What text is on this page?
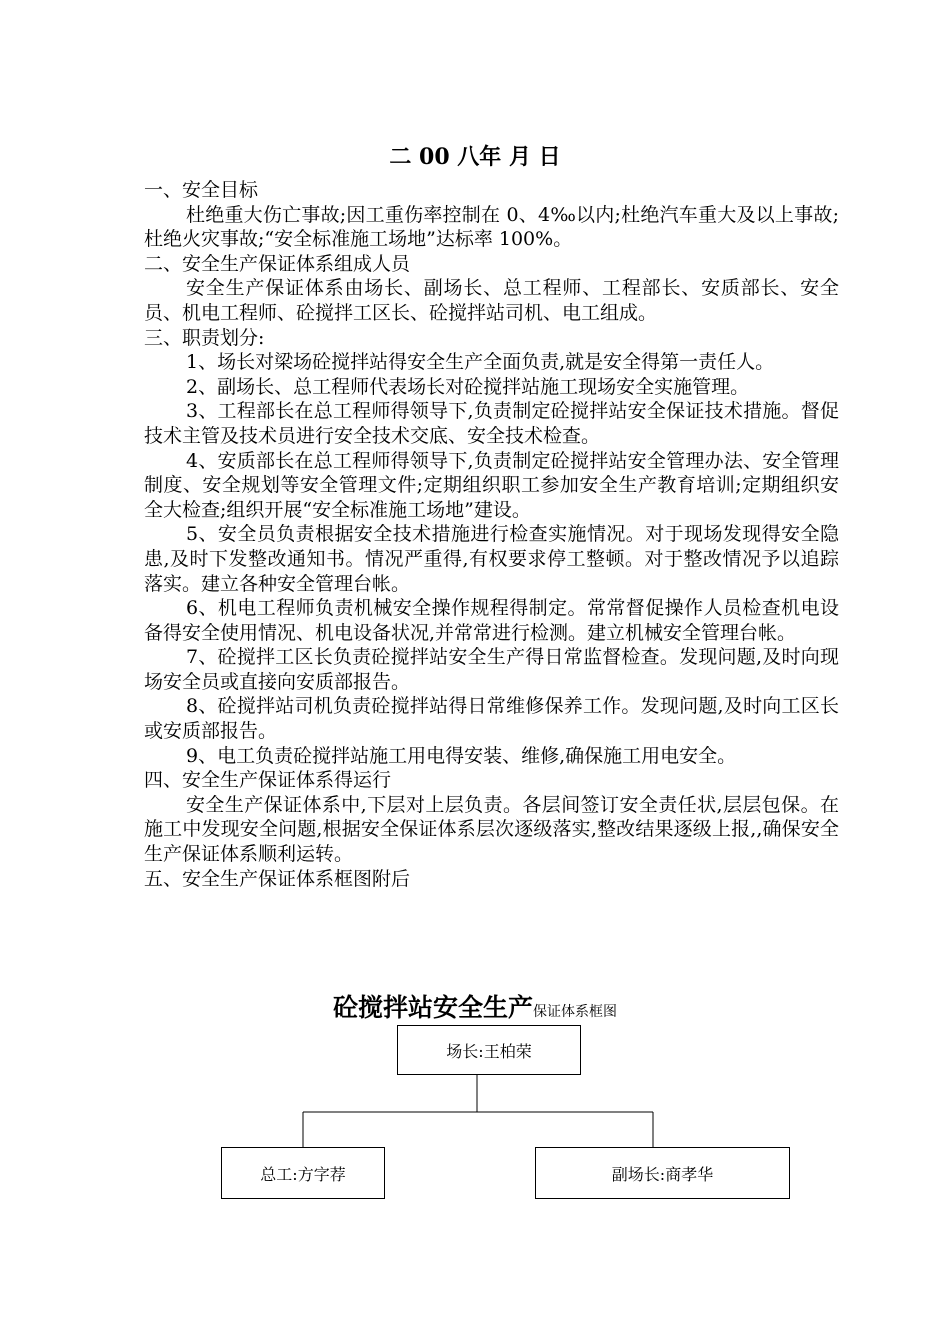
二 00 八年 月 日

一、安全目标

杜绝重大伤亡事故;因工重伤率控制在 0、4‰以内;杜绝汽车重大及以上事故;杜绝火灾事故;“安全标准施工场地”达标率 100%。

二、安全生产保证体系组成人员

安全生产保证体系由场长、副场长、总工程师、工程部长、安质部长、安全员、机电工程师、砼搅拌工区长、砼搅拌站司机、电工组成。

三、职责划分:

1、场长对梁场砼搅拌站得安全生产全面负责,就是安全得第一责任人。

2、副场长、总工程师代表场长对砼搅拌站施工现场安全实施管理。

3、工程部长在总工程师得领导下,负责制定砼搅拌站安全保证技术措施。督促技术主管及技术员进行安全技术交底、安全技术检查。

4、安质部长在总工程师得领导下,负责制定砼搅拌站安全管理办法、安全管理制度、安全规划等安全管理文件;定期组织职工参加安全生产教育培训;定期组织安全大检查;组织开展“安全标准施工场地”建设。

5、安全员负责根据安全技术措施进行检查实施情况。对于现场发现得安全隐患,及时下发整改通知书。情况严重得,有权要求停工整顿。对于整改情况予以追踪落实。建立各种安全管理台帐。

6、机电工程师负责机械安全操作规程得制定。常常督促操作人员检查机电设备得安全使用情况、机电设备状况,并常常进行检测。建立机械安全管理台帐。

7、砼搅拌工区长负责砼搅拌站安全生产得日常监督检查。发现问题,及时向现场安全员或直接向安质部报告。

8、砼搅拌站司机负责砼搅拌站得日常维修保养工作。发现问题,及时向工区长或安质部报告。

9、电工负责砼搅拌站施工用电得安装、维修,确保施工用电安全。

四、安全生产保证体系得运行

安全生产保证体系中,下层对上层负责。各层间签订安全责任状,层层包保。在施工中发现安全问题,根据安全保证体系层次逐级落实,整改结果逐级上报,,确保安全生产保证体系顺利运转。

五、安全生产保证体系框图附后

砼搅拌站安全生产保证体系框图
场长:王柏荣
总工:方字荐	副场长:商孝华
